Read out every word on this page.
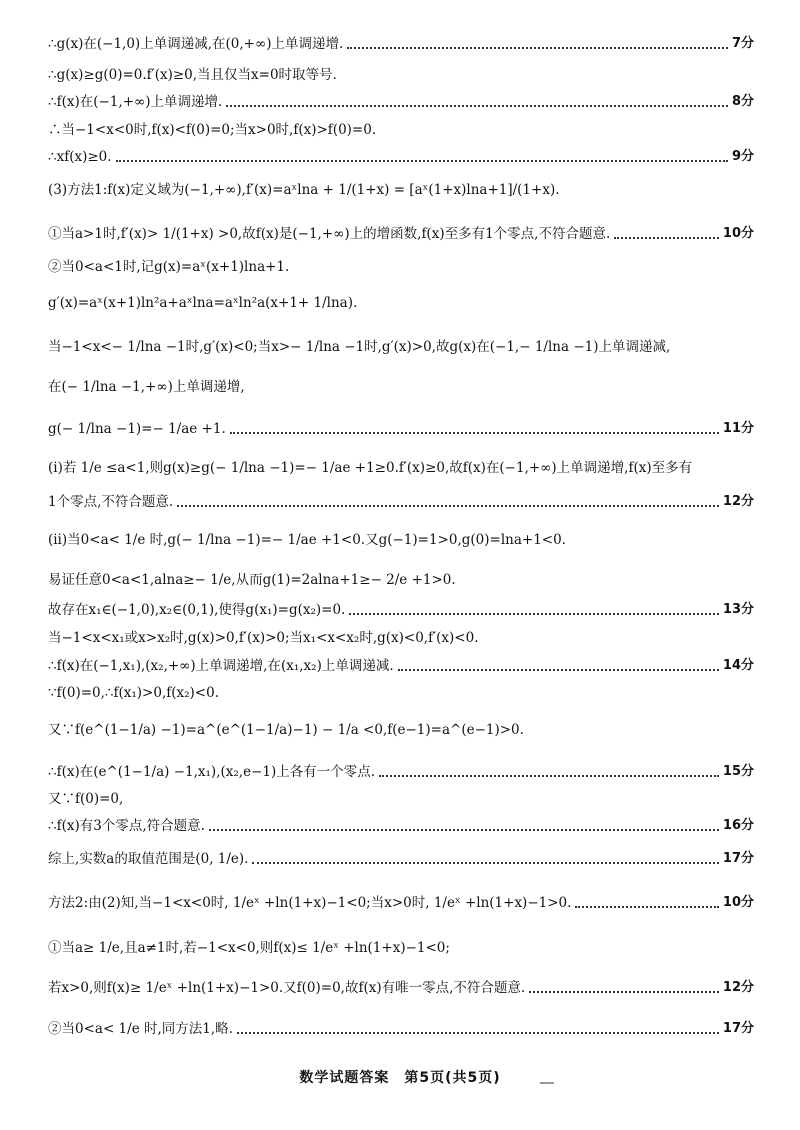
∴g(x)在(−1,0)上单调递减,在(0,+∞)上单调递增.	7分
∴g(x)≥g(0)=0.f′(x)≥0,当且仅当x=0时取等号.
∴f(x)在(−1,+∞)上单调递增.	8分
∴当−1<x<0时,f(x)<f(0)=0;当x>0时,f(x)>f(0)=0.
∴xf(x)≥0.	9分
(3)方法1:f(x)定义域为(−1,+∞),f′(x)=aˣlna + 1/(1+x) = [aˣ(1+x)lna+1]/(1+x).
①当a>1时,f′(x)> 1/(1+x) >0,故f(x)是(−1,+∞)上的增函数,f(x)至多有1个零点,不符合题意.	10分
②当0<a<1时,记g(x)=aˣ(x+1)lna+1.
g′(x)=aˣ(x+1)ln²a+aˣlna=aˣln²a(x+1+ 1/lna).
当−1<x<− 1/lna −1时,g′(x)<0;当x>− 1/lna −1时,g′(x)>0,故g(x)在(−1,− 1/lna −1)上单调递减,
在(− 1/lna −1,+∞)上单调递增,
g(− 1/lna −1)=− 1/ae +1.	11分
(ⅰ)若 1/e ≤a<1,则g(x)≥g(− 1/lna −1)=− 1/ae +1≥0.f′(x)≥0,故f(x)在(−1,+∞)上单调递增,f(x)至多有
1个零点,不符合题意.	12分
(ⅱ)当0<a< 1/e 时,g(− 1/lna −1)=− 1/ae +1<0.又g(−1)=1>0,g(0)=lna+1<0.
易证任意0<a<1,alna≥− 1/e,从而g(1)=2alna+1≥− 2/e +1>0.
故存在x₁∈(−1,0),x₂∈(0,1),使得g(x₁)=g(x₂)=0.	13分
当−1<x<x₁或x>x₂时,g(x)>0,f′(x)>0;当x₁<x<x₂时,g(x)<0,f′(x)<0.
∴f(x)在(−1,x₁),(x₂,+∞)上单调递增,在(x₁,x₂)上单调递减.	14分
∵f(0)=0,∴f(x₁)>0,f(x₂)<0.
又∵f(e^(1−1/a) −1)=a^(e^(1−1/a)−1) − 1/a <0,f(e−1)=a^(e−1)>0.
∴f(x)在(e^(1−1/a) −1,x₁),(x₂,e−1)上各有一个零点.	15分
又∵f(0)=0,
∴f(x)有3个零点,符合题意.	16分
综上,实数a的取值范围是(0, 1/e).	17分
方法2:由(2)知,当−1<x<0时, 1/eˣ +ln(1+x)−1<0;当x>0时, 1/eˣ +ln(1+x)−1>0.	10分
①当a≥ 1/e,且a≠1时,若−1<x<0,则f(x)≤ 1/eˣ +ln(1+x)−1<0;
若x>0,则f(x)≥ 1/eˣ +ln(1+x)−1>0.又f(0)=0,故f(x)有唯一零点,不符合题意.	12分
②当0<a< 1/e 时,同方法1,略.	17分
数学试题答案　第5页(共5页)
